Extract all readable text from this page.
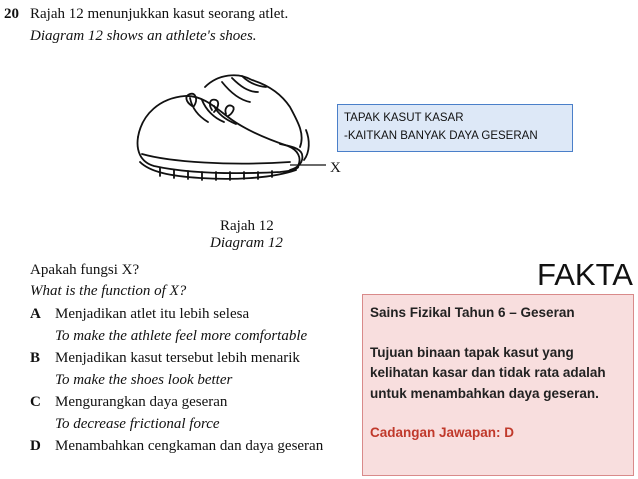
20 Rajah 12 menunjukkan kasut seorang atlet.
Diagram 12 shows an athlete's shoes.
X
TAPAK KASUT KASAR
-KAITKAN BANYAK DAYA GESERAN
Rajah 12
Diagram 12
Apakah fungsi X?
What is the function of X?
A Menjadikan atlet itu lebih selesa
To make the athlete feel more comfortable
B Menjadikan kasut tersebut lebih menarik
To make the shoes look better
C Mengurangkan daya geseran
To decrease frictional force
D Menambahkan cengkaman dan daya geseran
FAKTA
Sains Fizikal Tahun 6 – Geseran
Tujuan binaan tapak kasut yang kelihatan kasar dan tidak rata adalah untuk menambahkan daya geseran.
Cadangan Jawapan: D
